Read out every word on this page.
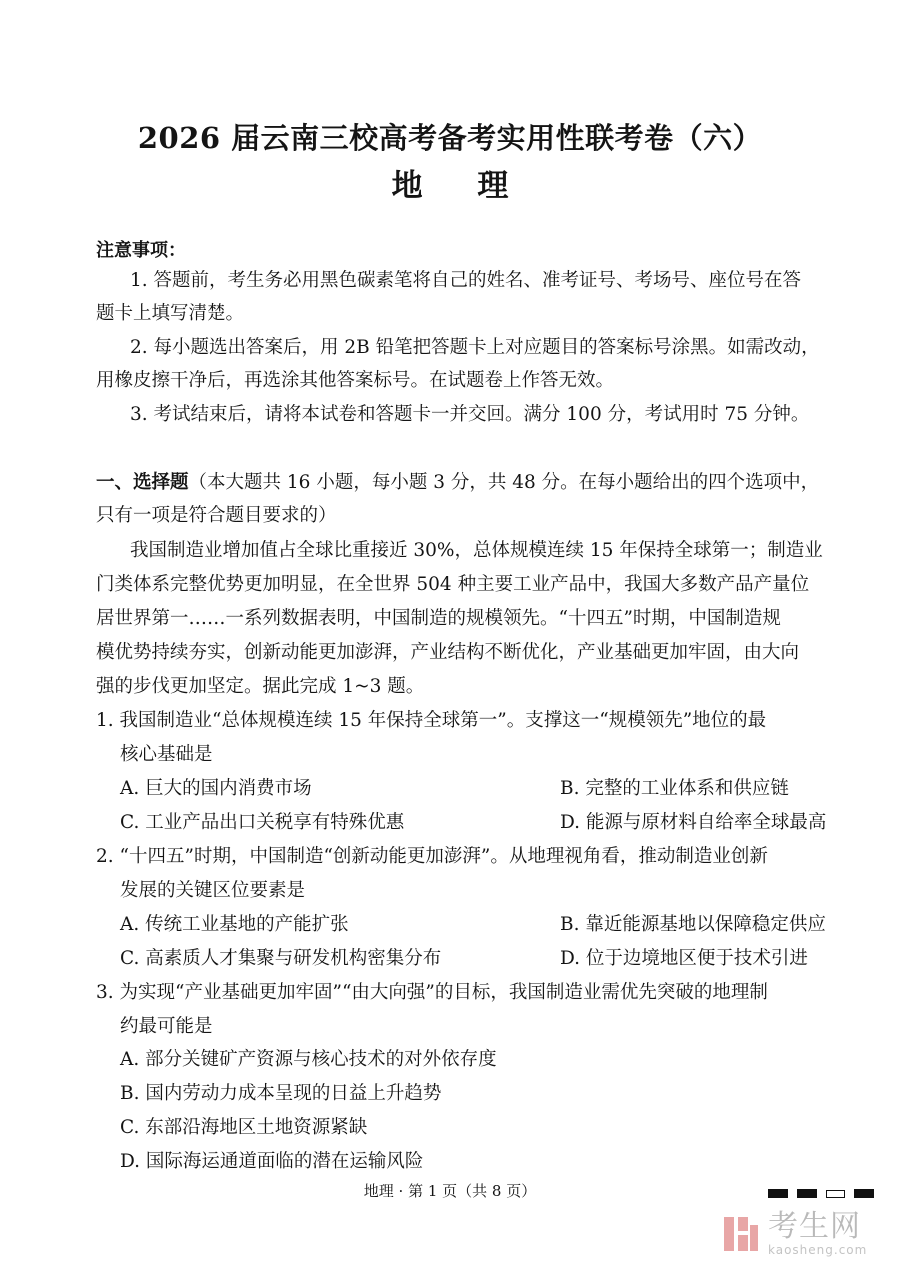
2026 届云南三校高考备考实用性联考卷（六）
地 理
注意事项：
1. 答题前，考生务必用黑色碳素笔将自己的姓名、准考证号、考场号、座位号在答
题卡上填写清楚。
2. 每小题选出答案后，用 2B 铅笔把答题卡上对应题目的答案标号涂黑。如需改动，
用橡皮擦干净后，再选涂其他答案标号。在试题卷上作答无效。
3. 考试结束后，请将本试卷和答题卡一并交回。满分 100 分，考试用时 75 分钟。
一、选择题（本大题共 16 小题，每小题 3 分，共 48 分。在每小题给出的四个选项中，
只有一项是符合题目要求的）
我国制造业增加值占全球比重接近 30%，总体规模连续 15 年保持全球第一；制造业
门类体系完整优势更加明显，在全世界 504 种主要工业产品中，我国大多数产品产量位
居世界第一……一系列数据表明，中国制造的规模领先。“十四五”时期，中国制造规
模优势持续夯实，创新动能更加澎湃，产业结构不断优化，产业基础更加牢固，由大向
强的步伐更加坚定。据此完成 1~3 题。
1. 我国制造业“总体规模连续 15 年保持全球第一”。支撑这一“规模领先”地位的最
核心基础是
A. 巨大的国内消费市场	B. 完整的工业体系和供应链
C. 工业产品出口关税享有特殊优惠	D. 能源与原材料自给率全球最高
2. “十四五”时期，中国制造“创新动能更加澎湃”。从地理视角看，推动制造业创新
发展的关键区位要素是
A. 传统工业基地的产能扩张	B. 靠近能源基地以保障稳定供应
C. 高素质人才集聚与研发机构密集分布	D. 位于边境地区便于技术引进
3. 为实现“产业基础更加牢固”“由大向强”的目标，我国制造业需优先突破的地理制
约最可能是
A. 部分关键矿产资源与核心技术的对外依存度
B. 国内劳动力成本呈现的日益上升趋势
C. 东部沿海地区土地资源紧缺
D. 国际海运通道面临的潜在运输风险
地理 · 第 1 页（共 8 页）
考生网
kaosheng.com
